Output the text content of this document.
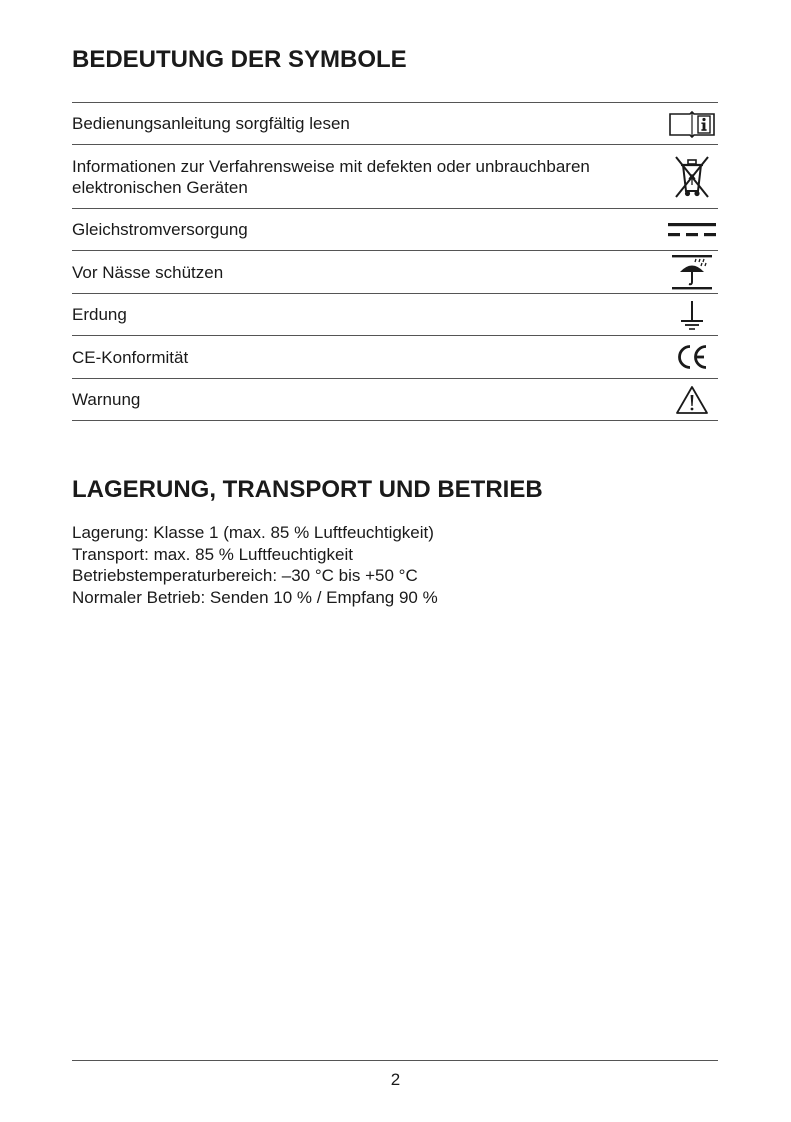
BEDEUTUNG DER SYMBOLE
Bedienungsanleitung sorgfältig lesen
Informationen zur Verfahrensweise mit defekten oder unbrauchbaren elektronischen Geräten
Gleichstromversorgung
Vor Nässe schützen
Erdung
CE-Konformität
Warnung
LAGERUNG, TRANSPORT UND BETRIEB
Lagerung: Klasse 1 (max. 85 % Luftfeuchtigkeit)
Transport: max. 85 % Luftfeuchtigkeit
Betriebstemperaturbereich: –30 °C bis +50 °C
Normaler Betrieb: Senden 10 % / Empfang 90 %
2
